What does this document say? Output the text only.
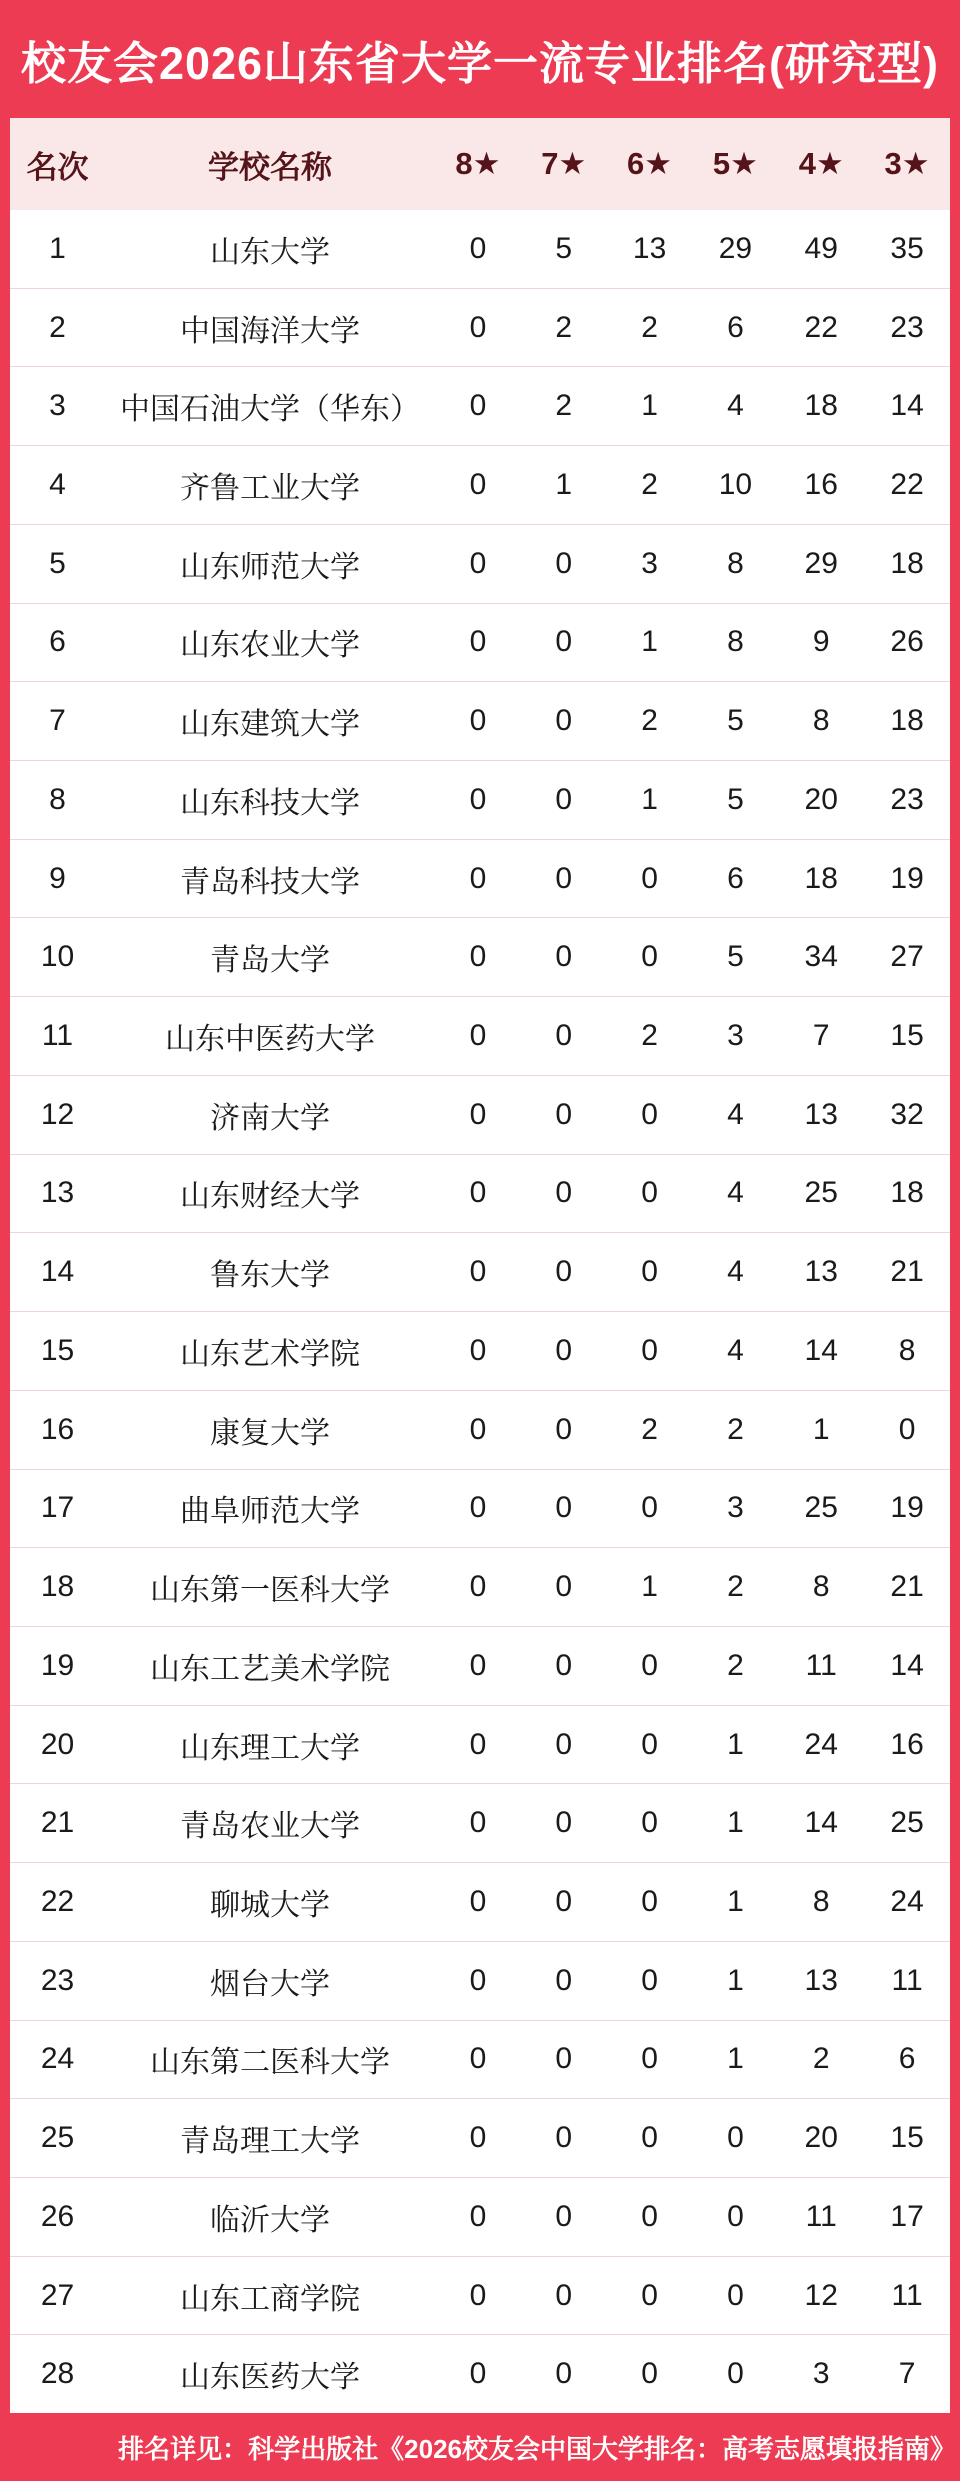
校友会2026山东省大学一流专业排名(研究型)
名次	学校名称	8★	7★	6★	5★	4★	3★
1	山东大学	0	5	13	29	49	35
2	中国海洋大学	0	2	2	6	22	23
3	中国石油大学（华东）	0	2	1	4	18	14
4	齐鲁工业大学	0	1	2	10	16	22
5	山东师范大学	0	0	3	8	29	18
6	山东农业大学	0	0	1	8	9	26
7	山东建筑大学	0	0	2	5	8	18
8	山东科技大学	0	0	1	5	20	23
9	青岛科技大学	0	0	0	6	18	19
10	青岛大学	0	0	0	5	34	27
11	山东中医药大学	0	0	2	3	7	15
12	济南大学	0	0	0	4	13	32
13	山东财经大学	0	0	0	4	25	18
14	鲁东大学	0	0	0	4	13	21
15	山东艺术学院	0	0	0	4	14	8
16	康复大学	0	0	2	2	1	0
17	曲阜师范大学	0	0	0	3	25	19
18	山东第一医科大学	0	0	1	2	8	21
19	山东工艺美术学院	0	0	0	2	11	14
20	山东理工大学	0	0	0	1	24	16
21	青岛农业大学	0	0	0	1	14	25
22	聊城大学	0	0	0	1	8	24
23	烟台大学	0	0	0	1	13	11
24	山东第二医科大学	0	0	0	1	2	6
25	青岛理工大学	0	0	0	0	20	15
26	临沂大学	0	0	0	0	11	17
27	山东工商学院	0	0	0	0	12	11
28	山东医药大学	0	0	0	0	3	7
排名详见：科学出版社《2026校友会中国大学排名：高考志愿填报指南》
